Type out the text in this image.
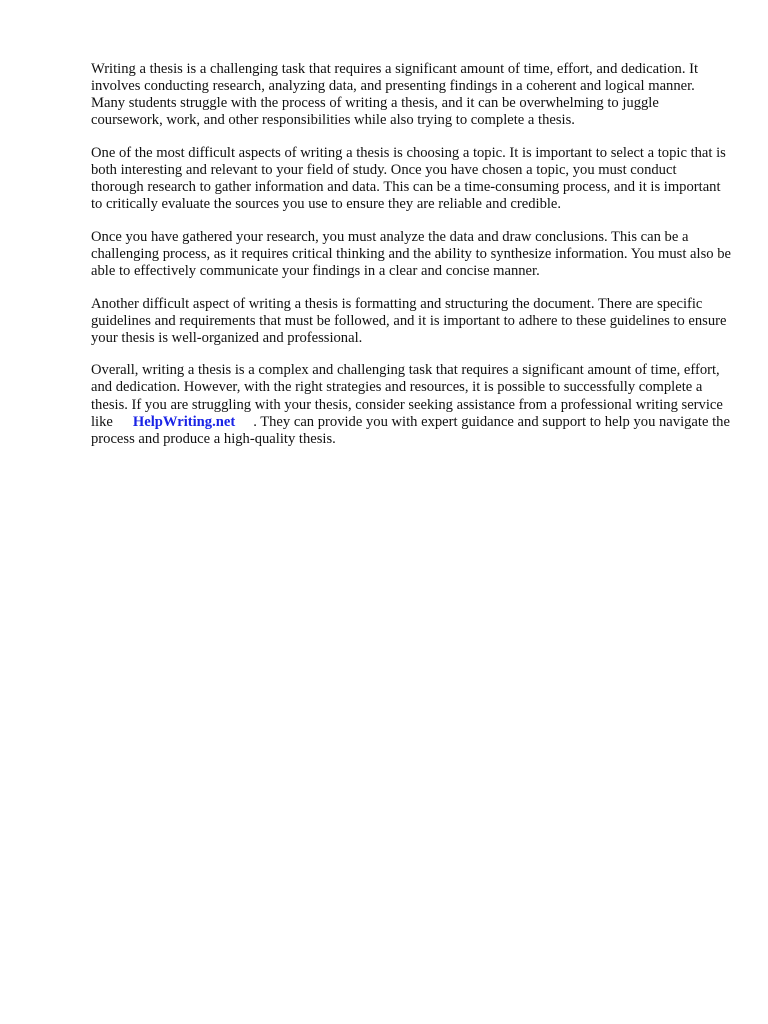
Writing a thesis is a challenging task that requires a significant amount of time, effort, and dedication. It involves conducting research, analyzing data, and presenting findings in a coherent and logical manner. Many students struggle with the process of writing a thesis, and it can be overwhelming to juggle coursework, work, and other responsibilities while also trying to complete a thesis.

One of the most difficult aspects of writing a thesis is choosing a topic. It is important to select a topic that is both interesting and relevant to your field of study. Once you have chosen a topic, you must conduct thorough research to gather information and data. This can be a time-consuming process, and it is important to critically evaluate the sources you use to ensure they are reliable and credible.

Once you have gathered your research, you must analyze the data and draw conclusions. This can be a challenging process, as it requires critical thinking and the ability to synthesize information. You must also be able to effectively communicate your findings in a clear and concise manner.

Another difficult aspect of writing a thesis is formatting and structuring the document. There are specific guidelines and requirements that must be followed, and it is important to adhere to these guidelines to ensure your thesis is well-organized and professional.

Overall, writing a thesis is a complex and challenging task that requires a significant amount of time, effort, and dedication. However, with the right strategies and resources, it is possible to successfully complete a thesis. If you are struggling with your thesis, consider seeking assistance from a professional writing service like HelpWriting.net . They can provide you with expert guidance and support to help you navigate the process and produce a high-quality thesis.
